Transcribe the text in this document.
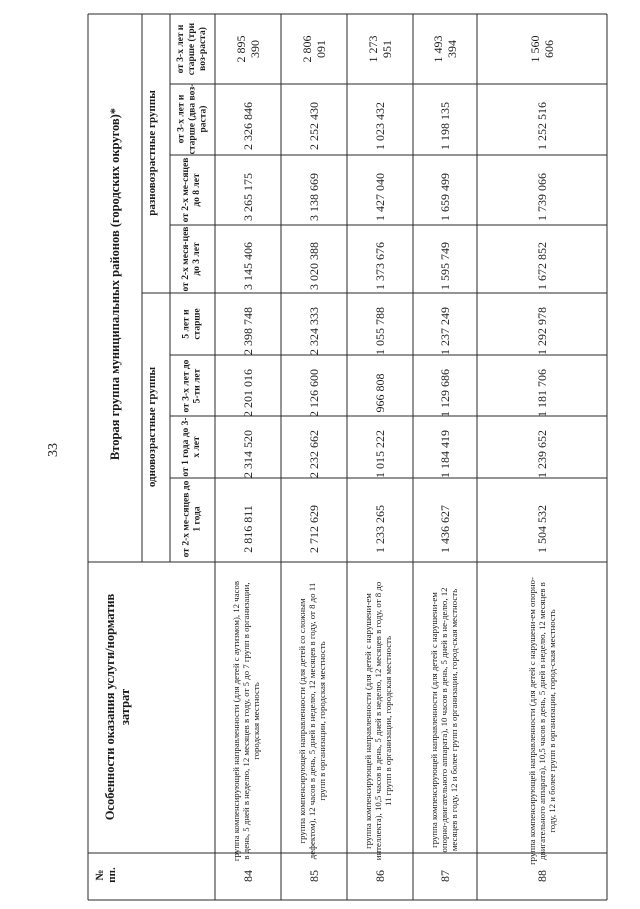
33
№
пп.
Особенности оказания услуги/норматив затрат
Вторая группа муниципальных районов (городских округов)*	одновозрастные группы
разновозрастные группы
от 2-х ме-сяцев до 1 года
от 1 года до 3-х лет
от 3-х лет до 5-ти лет
5 лет и старше
от 2-х меся-цев до 3 лет
от 2-х ме-сяцев до 8 лет
от 3-х лет и старше (два воз-раста)
от 3-х лет и старше (три воз-раста)
84
группа компенсирующей направленности (для детей с аутизмом), 12 часов в день, 5 дней в неделю, 12 месяцев в году, от 5 до 7 групп в организации, городская местность
2 816 811
2 314 520
2 201 016
2 398 748
3 145 406
3 265 175
2 326 846
2 895
390
85
группа компенсирующей направленности (для детей со сложным дефектом), 12 часов в день, 5 дней в неделю, 12 месяцев в году, от 8 до 11 групп в организации, городская местность
2 712 629
2 232 662
2 126 600
2 324 333
3 020 388
3 138 669
2 252 430
2 806
091
86
группа компенсирующей направленности (для детей с нарушени-ем интеллекта), 10,5 часов в день, 5 дней в неделю, 12 месяцев в году, от 8 до 11 групп в организации, городская местность
1 233 265
1 015 222
966 808
1 055 788
1 373 676
1 427 040
1 023 432
1 273
951
87
группа компенсирующей направленности (для детей с нарушени-ем опорно-двигательного аппарата), 10 часов в день, 5 дней в не-делю, 12 месяцев в году, 12 и более групп в организации, город-ская местность
1 436 627
1 184 419
1 129 686
1 237 249
1 595 749
1 659 499
1 198 135
1 493
394
88
группа компенсирующей направленности (для детей с нарушени-ем опорно-двигательного аппарата), 10,5 часов в день, 5 дней в неделю, 12 месяцев в году, 12 и более групп в организации, город-ская местность
1 504 532
1 239 652
1 181 706
1 292 978
1 672 852
1 739 066
1 252 516
1 560
606
